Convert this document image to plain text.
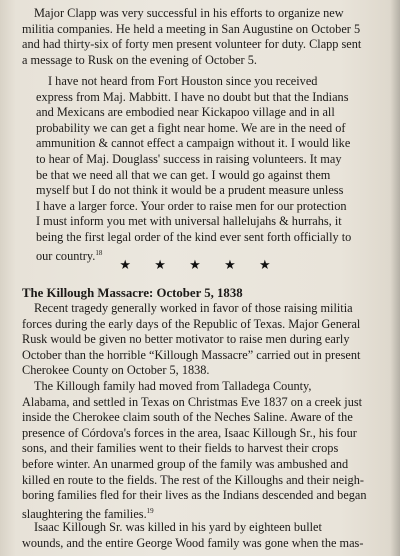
Major Clapp was very successful in his efforts to organize new
militia companies. He held a meeting in San Augustine on October 5
and had thirty-six of forty men present volunteer for duty. Clapp sent
a message to Rusk on the evening of October 5.
I have not heard from Fort Houston since you received
express from Maj. Mabbitt. I have no doubt but that the Indians
and Mexicans are embodied near Kickapoo village and in all
probability we can get a fight near home. We are in the need of
ammunition & cannot effect a campaign without it. I would like
to hear of Maj. Douglass' success in raising volunteers. It may
be that we need all that we can get. I would go against them
myself but I do not think it would be a prudent measure unless
I have a larger force. Your order to raise men for our protection
I must inform you met with universal hallelujahs & hurrahs, it
being the first legal order of the kind ever sent forth officially to
our country.$^{18}$
★ ★ ★ ★ ★
The Killough Massacre: October 5, 1838
Recent tragedy generally worked in favor of those raising militia
forces during the early days of the Republic of Texas. Major General
Rusk would be given no better motivator to raise men during early
October than the horrible “Killough Massacre” carried out in present
Cherokee County on October 5, 1838.
The Killough family had moved from Talladega County,
Alabama, and settled in Texas on Christmas Eve 1837 on a creek just
inside the Cherokee claim south of the Neches Saline. Aware of the
presence of Córdova's forces in the area, Isaac Killough Sr., his four
sons, and their families went to their fields to harvest their crops
before winter. An unarmed group of the family was ambushed and
killed en route to the fields. The rest of the Killoughs and their neigh-
boring families fled for their lives as the Indians descended and began
slaughtering the families.$^{19}$
Isaac Killough Sr. was killed in his yard by eighteen bullet
wounds, and the entire George Wood family was gone when the mas-
